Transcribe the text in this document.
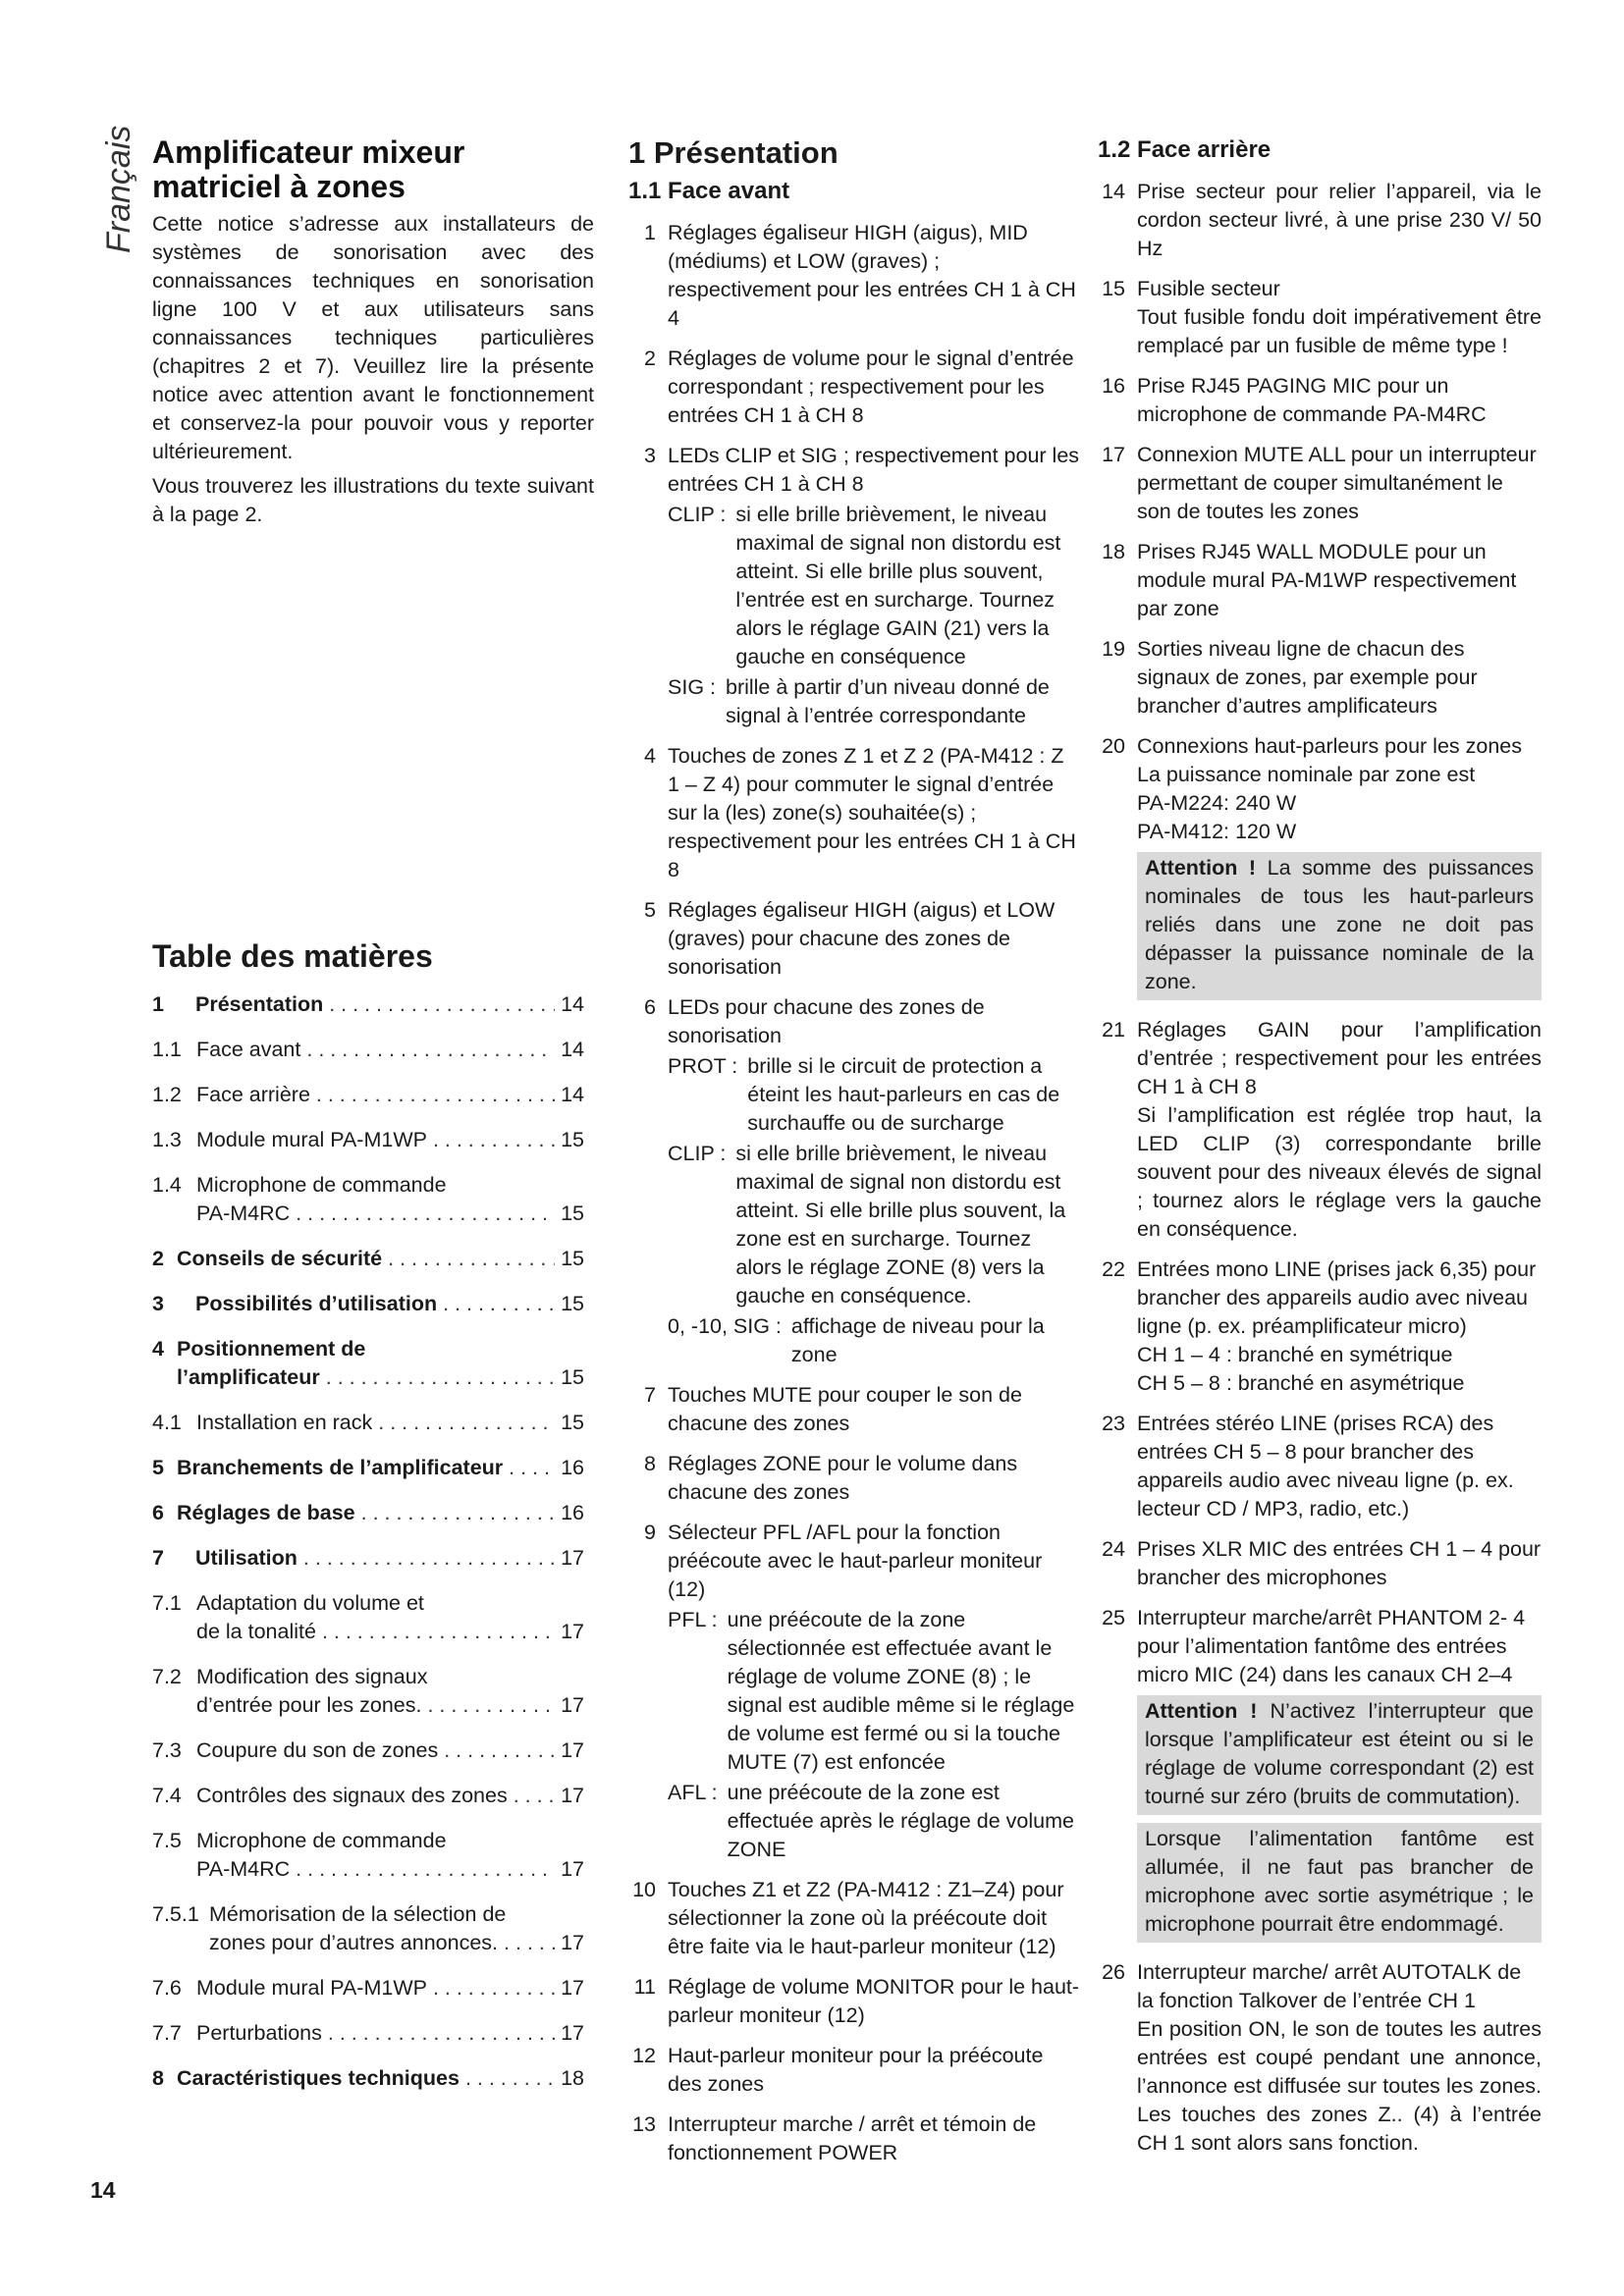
Français Amplificateur mixeur
matriciel à zones

Cette notice s’adresse aux installateurs de systèmes de sonorisation avec des connaissances techniques en sonorisation ligne 100 V et aux utilisateurs sans connaissances techniques particulières (chapitres 2 et 7). Veuillez lire la présente notice avec attention avant le fonctionnement et conservez-la pour pouvoir vous y reporter ultérieurement.

Vous trouverez les illustrations du texte suivant à la page 2.

Table des matières
1	Présentation . . .	14
1.1 Face avant . . .	14
1.2 Face arrière . . .	14
1.3 Module mural PA-M1WP . . .	15
1.4 Microphone de commande
PA-M4RC . . .	15
2 Conseils de sécurité . . .	15
3	Possibilités d’utilisation . . .	15
4 Positionnement de
l’amplificateur . . .	15
4.1 Installation en rack . . .	15
5 Branchements de l’amplificateur . . .	16
6 Réglages de base . . .	16
7	Utilisation . . .	17
7.1 Adaptation du volume et
de la tonalité . . .	17
7.2 Modification des signaux
d’entrée pour les zones. . . .	17
7.3 Coupure du son de zones . . .	17
7.4 Contrôles des signaux des zones . . .	17
7.5 Microphone de commande
PA-M4RC . . .	17
7.5.1 Mémorisation de la sélection de
zones pour d’autres annonces. . . .	17
7.6 Module mural PA-M1WP . . .	17
7.7 Perturbations . . .	17
8 Caractéristiques techniques . . .	18
1 Présentation
1.1 Face avant
1 Réglages égaliseur HIGH (aigus), MID (médiums) et LOW (graves) ; respectivement pour les entrées CH 1 à CH 4

2 Réglages de volume pour le signal d’entrée correspondant ; respectivement pour les entrées CH 1 à CH 8

3 LEDs CLIP et SIG ; respectivement pour les entrées CH 1 à CH 8

CLIP : si elle brille brièvement, le niveau maximal de signal non distordu est atteint. Si elle brille plus souvent, l’entrée est en surcharge. Tournez alors le réglage GAIN (21) vers la gauche en conséquence
SIG : brille à partir d’un niveau donné de signal à l’entrée correspondante
4 Touches de zones Z 1 et Z 2 (PA-M412 : Z 1 – Z 4) pour commuter le signal d’entrée sur la (les) zone(s) souhaitée(s) ; respectivement pour les entrées CH 1 à CH 8

5 Réglages égaliseur HIGH (aigus) et LOW (graves) pour chacune des zones de sonorisation

6 LEDs pour chacune des zones de sonorisation

PROT : brille si le circuit de protection a éteint les haut-parleurs en cas de surchauffe ou de surcharge
CLIP : si elle brille brièvement, le niveau maximal de signal non distordu est atteint. Si elle brille plus souvent, la zone est en surcharge. Tournez alors le réglage ZONE (8) vers la gauche en conséquence.
0, -10, SIG : affichage de niveau pour la zone
7 Touches MUTE pour couper le son de chacune des zones

8 Réglages ZONE pour le volume dans chacune des zones

9 Sélecteur PFL /AFL pour la fonction préécoute avec le haut-parleur moniteur (12)

PFL : une préécoute de la zone sélectionnée est effectuée avant le réglage de volume ZONE (8) ; le signal est audible même si le réglage de volume est fermé ou si la touche MUTE (7) est enfoncée
AFL : une préécoute de la zone est effectuée après le réglage de volume ZONE
10 Touches Z1 et Z2 (PA-M412 : Z1–Z4) pour sélectionner la zone où la préécoute doit être faite via le haut-parleur moniteur (12)

11 Réglage de volume MONITOR pour le haut-parleur moniteur (12)

12 Haut-parleur moniteur pour la préécoute des zones

13 Interrupteur marche / arrêt et témoin de fonctionnement POWER

1.2 Face arrière
14 Prise secteur pour relier l’appareil, via le cordon secteur livré, à une prise 230 V/ 50 Hz

15 Fusible secteur

Tout fusible fondu doit impérativement être remplacé par un fusible de même type !

16 Prise RJ45 PAGING MIC pour un microphone de commande PA-M4RC

17 Connexion MUTE ALL pour un interrupteur permettant de couper simultanément le son de toutes les zones

18 Prises RJ45 WALL MODULE pour un module mural PA-M1WP respectivement par zone

19 Sorties niveau ligne de chacun des signaux de zones, par exemple pour brancher d’autres amplificateurs

20 Connexions haut-parleurs pour les zones

La puissance nominale par zone est

PA-M224: 240 W

PA-M412: 120 W

Attention ! La somme des puissances nominales de tous les haut-parleurs reliés dans une zone ne doit pas dépasser la puissance nominale de la zone.
21 Réglages GAIN pour l’amplification d’entrée ; respectivement pour les entrées CH 1 à CH 8

Si l’amplification est réglée trop haut, la LED CLIP (3) correspondante brille souvent pour des niveaux élevés de signal ; tournez alors le réglage vers la gauche en conséquence.

22 Entrées mono LINE (prises jack 6,35) pour brancher des appareils audio avec niveau ligne (p. ex. préamplificateur micro)

CH 1 – 4 : branché en symétrique

CH 5 – 8 : branché en asymétrique

23 Entrées stéréo LINE (prises RCA) des entrées CH 5 – 8 pour brancher des appareils audio avec niveau ligne (p. ex. lecteur CD / MP3, radio, etc.)

24 Prises XLR MIC des entrées CH 1 – 4 pour brancher des microphones

25 Interrupteur marche/arrêt PHANTOM 2- 4 pour l’alimentation fantôme des entrées micro MIC (24) dans les canaux CH 2–4

Attention ! N’activez l’interrupteur que lorsque l’amplificateur est éteint ou si le réglage de volume correspondant (2) est tourné sur zéro (bruits de commutation).
Lorsque l’alimentation fantôme est allumée, il ne faut pas brancher de microphone avec sortie asymétrique ; le microphone pourrait être endommagé.
26 Interrupteur marche/ arrêt AUTOTALK de la fonction Talkover de l’entrée CH 1

En position ON, le son de toutes les autres entrées est coupé pendant une annonce, l’annonce est diffusée sur toutes les zones. Les touches des zones Z.. (4) à l’entrée CH 1 sont alors sans fonction.

14
